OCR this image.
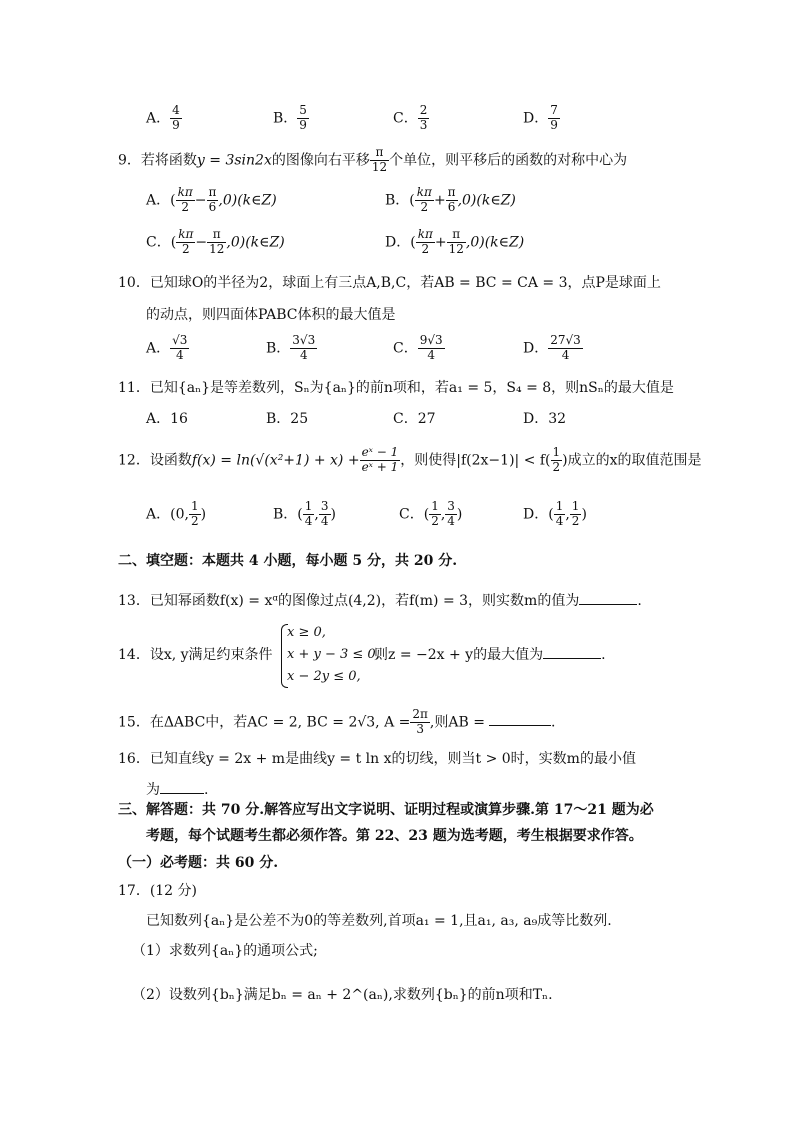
A． $\frac{4}{9}$	B． $\frac{5}{9}$	C． $\frac{2}{3}$	D． $\frac{7}{9}$
9．若将函数y = 3sin2x的图像向右平移 $\frac{\pi}{12}$ 个单位，则平移后的函数的对称中心为
A．( $\frac{k\pi}{2} - \frac{\pi}{6}$ ,0)(k∈Z)	B．( $\frac{k\pi}{2} + \frac{\pi}{6}$ ,0)(k∈Z)
C．( $\frac{k\pi}{2} - \frac{\pi}{12}$ ,0)(k∈Z)	D．( $\frac{k\pi}{2} + \frac{\pi}{12}$ ,0)(k∈Z)
10．已知球O的半径为2，球面上有三点A,B,C，若AB = BC = CA = 3，点P是球面上
的动点，则四面体PABC体积的最大值是
A． $\frac{√3}{4}$	B． $\frac{3√3}{4}$	C． $\frac{9√3}{4}$	D． $\frac{27√3}{4}$
11．已知{aₙ}是等差数列，Sₙ为{aₙ}的前n项和，若a₁ = 5，S₄ = 8，则nSₙ的最大值是
A．16	B．25	C．27	D．32
12．设函数$f(x) = \ln(√(x^2+1) + x) + \frac{\text{eˣ − 1}}{\text{eˣ + 1}}$ ，则使得$|f(2x-1)| < f( \frac{1}{2}$ )成立的x的取值范围是
A．(0, $\frac{1}{2}$ )	B．( $\frac{1}{4}$ , $\frac{3}{4}$ )	C．( $\frac{1}{2}$ , $\frac{3}{4}$ )	D．( $\frac{1}{4}$ , $\frac{1}{2}$ )
二、填空题：本题共 4 小题，每小题 5 分，共 20 分.
13．已知幂函数f(x) = xᵅ的图像过点(4,2)，若f(m) = 3，则实数m的值为	.
14．设x, y满足约束条件
x ≥ 0,
x + y − 3 ≤ 0,
x − 2y ≤ 0,
则z = −2x + y的最大值为	.
15．在ΔABC中，若AC = 2, BC = 2√3, $A = \frac{2\pi}{3}$ ,则AB =	.
16．已知直线y = 2x + m是曲线y = t ln x的切线，则当t > 0时，实数m的最小值
为	.
三、解答题：共 70 分.解答应写出文字说明、证明过程或演算步骤.第 17～21 题为必
考题，每个试题考生都必须作答。第 22、23 题为选考题，考生根据要求作答。
（一）必考题：共 60 分.
17．(12 分)
已知数列{aₙ}是公差不为0的等差数列,首项a₁ = 1,且a₁, a₃, a₉成等比数列.
（1）求数列{aₙ}的通项公式;
（2）设数列{bₙ}满足bₙ = aₙ + 2^(aₙ),求数列{bₙ}的前n项和Tₙ.
